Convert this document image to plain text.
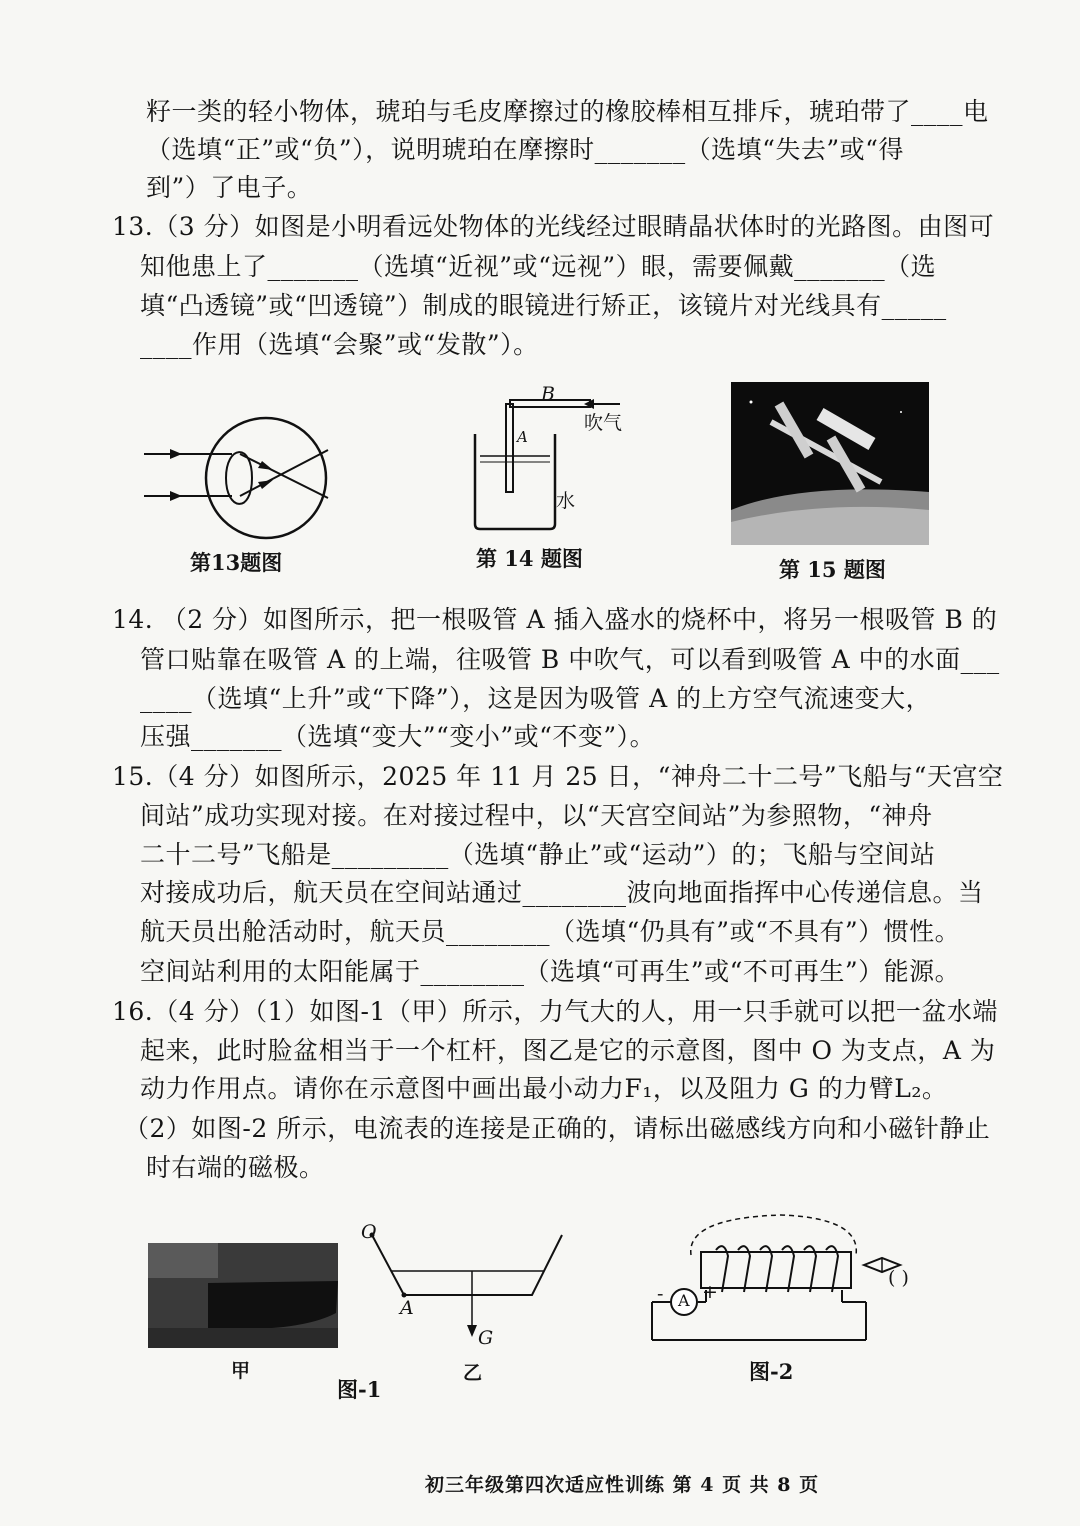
籽一类的轻小物体，琥珀与毛皮摩擦过的橡胶棒相互排斥，琥珀带了____电
（选填“正”或“负”），说明琥珀在摩擦时_______（选填“失去”或“得
到”）了电子。
13.（3 分）如图是小明看远处物体的光线经过眼睛晶状体时的光路图。由图可
知他患上了_______（选填“近视”或“远视”）眼，需要佩戴_______（选
填“凸透镜”或“凹透镜”）制成的眼镜进行矫正，该镜片对光线具有_____
____作用（选填“会聚”或“发散”）。
第13题图
B
A
吹气
水
第 14 题图	第 15 题图
14. （2 分）如图所示，把一根吸管 A 插入盛水的烧杯中，将另一根吸管 B 的
管口贴靠在吸管 A 的上端，往吸管 B 中吹气，可以看到吸管 A 中的水面___
____（选填“上升”或“下降”），这是因为吸管 A 的上方空气流速变大，
压强_______（选填“变大”“变小”或“不变”）。
15.（4 分）如图所示，2025 年 11 月 25 日，“神舟二十二号”飞船与“天宫空
间站”成功实现对接。在对接过程中，以“天宫空间站”为参照物，“神舟
二十二号”飞船是_________（选填“静止”或“运动”）的；飞船与空间站
对接成功后，航天员在空间站通过________波向地面指挥中心传递信息。当
航天员出舱活动时，航天员________（选填“仍具有”或“不具有”）惯性。
空间站利用的太阳能属于________（选填“可再生”或“不可再生”）能源。
16.（4 分）（1）如图-1（甲）所示，力气大的人，用一只手就可以把一盆水端
起来，此时脸盆相当于一个杠杆，图乙是它的示意图，图中 O 为支点，A 为
动力作用点。请你在示意图中画出最小动力F₁，以及阻力 G 的力臂L₂。
（2）如图-2 所示，电流表的连接是正确的，请标出磁感线方向和小磁针静止
时右端的磁极。
甲
O
A
G
乙
图-1
A
- +
( )
图-2
初三年级第四次适应性训练 第 4 页 共 8 页
